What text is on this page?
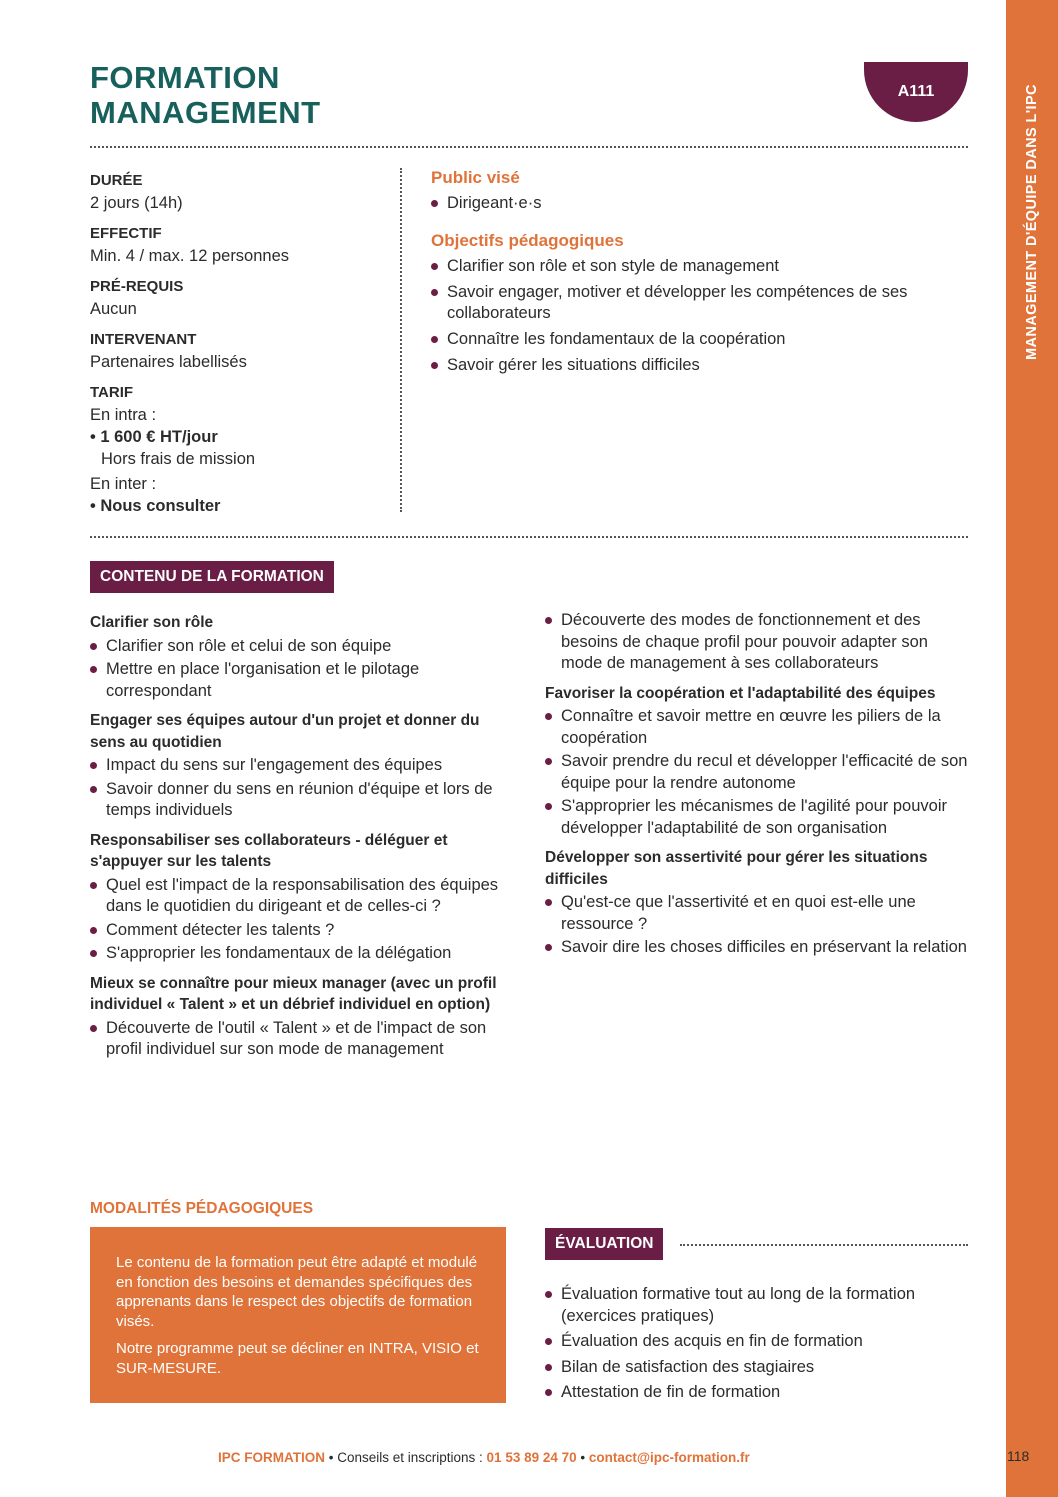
MANAGEMENT D'ÉQUIPE DANS L'IPC
FORMATION
MANAGEMENT
A111
DURÉE
2 jours (14h)
EFFECTIF
Min. 4 / max. 12 personnes
PRÉ-REQUIS
Aucun
INTERVENANT
Partenaires labellisés
TARIF
En intra :
• 1 600 € HT/jour
Hors frais de mission
En inter :
• Nous consulter
Public visé
Dirigeant·e·s
Objectifs pédagogiques
Clarifier son rôle et son style de management
Savoir engager, motiver et développer les compétences de ses collaborateurs
Connaître les fondamentaux de la coopération
Savoir gérer les situations difficiles
CONTENU DE LA FORMATION
Clarifier son rôle
Clarifier son rôle et celui de son équipe
Mettre en place l'organisation et le pilotage correspondant
Engager ses équipes autour d'un projet et donner du sens au quotidien
Impact du sens sur l'engagement des équipes
Savoir donner du sens en réunion d'équipe et lors de temps individuels
Responsabiliser ses collaborateurs - déléguer et s'appuyer sur les talents
Quel est l'impact de la responsabilisation des équipes dans le quotidien du dirigeant et de celles-ci ?
Comment détecter les talents ?
S'approprier les fondamentaux de la délégation
Mieux se connaître pour mieux manager (avec un profil individuel « Talent » et un débrief individuel en option)
Découverte de l'outil « Talent » et de l'impact de son profil individuel sur son mode de management
Découverte des modes de fonctionnement et des besoins de chaque profil pour pouvoir adapter son mode de management à ses collaborateurs
Favoriser la coopération et l'adaptabilité des équipes
Connaître et savoir mettre en œuvre les piliers de la coopération
Savoir prendre du recul et développer l'efficacité de son équipe pour la rendre autonome
S'approprier les mécanismes de l'agilité pour pouvoir développer l'adaptabilité de son organisation
Développer son assertivité pour gérer les situations difficiles
Qu'est-ce que l'assertivité et en quoi est-elle une ressource ?
Savoir dire les choses difficiles en préservant la relation
MODALITÉS PÉDAGOGIQUES

Le contenu de la formation peut être adapté et modulé en fonction des besoins et demandes spécifiques des apprenants dans le respect des objectifs de formation visés.

Notre programme peut se décliner en INTRA, VISIO et SUR-MESURE.

ÉVALUATION
Évaluation formative tout au long de la formation (exercices pratiques)
Évaluation des acquis en fin de formation
Bilan de satisfaction des stagiaires
Attestation de fin de formation
IPC FORMATION • Conseils et inscriptions : 01 53 89 24 70 • contact@ipc-formation.fr	118
